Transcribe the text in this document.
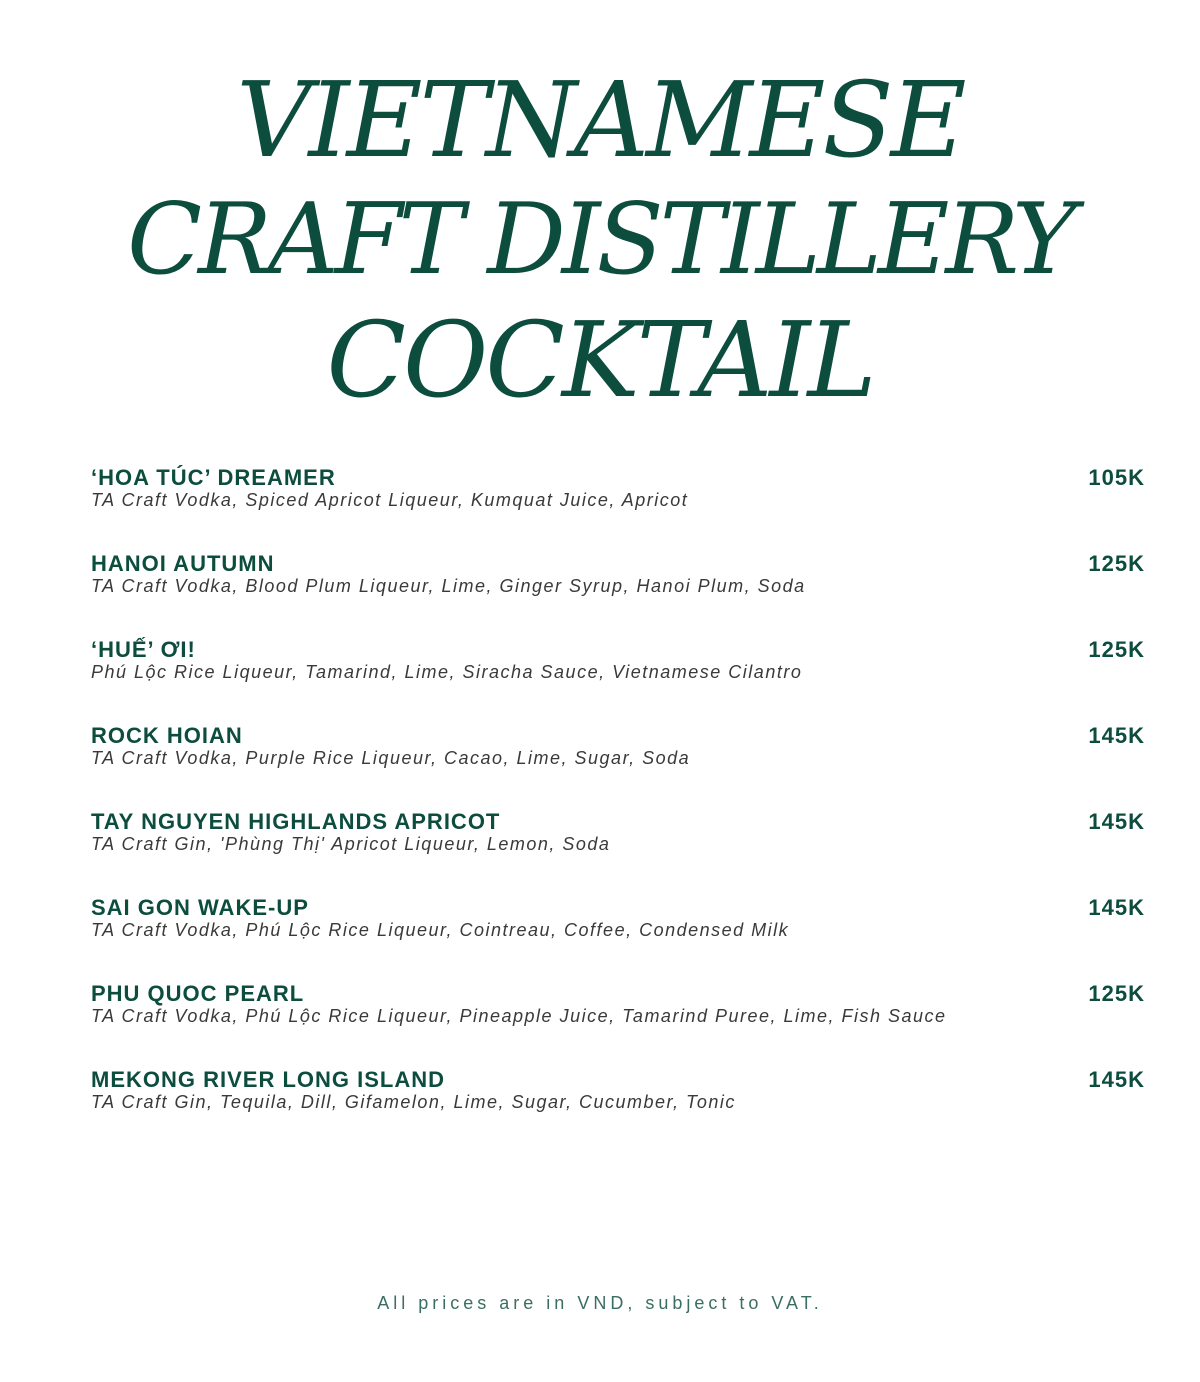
VIETNAMESE
CRAFT DISTILLERY
COCKTAIL
‘HOA TÚC’ DREAMER	105K
TA Craft Vodka, Spiced Apricot Liqueur, Kumquat Juice, Apricot
HANOI AUTUMN	125K
TA Craft Vodka, Blood Plum Liqueur, Lime, Ginger Syrup, Hanoi Plum, Soda
‘HUẾ’ ƠI!	125K
Phú Lộc Rice Liqueur, Tamarind, Lime, Siracha Sauce, Vietnamese Cilantro
ROCK HOIAN	145K
TA Craft Vodka, Purple Rice Liqueur, Cacao, Lime, Sugar, Soda
TAY NGUYEN HIGHLANDS APRICOT	145K
TA Craft Gin, 'Phùng Thị' Apricot Liqueur, Lemon, Soda
SAI GON WAKE-UP	145K
TA Craft Vodka, Phú Lộc Rice Liqueur, Cointreau, Coffee, Condensed Milk
PHU QUOC PEARL	125K
TA Craft Vodka, Phú Lộc Rice Liqueur, Pineapple Juice, Tamarind Puree, Lime, Fish Sauce
MEKONG RIVER LONG ISLAND	145K
TA Craft Gin, Tequila, Dill, Gifamelon, Lime, Sugar, Cucumber, Tonic
All prices are in VND, subject to VAT.
